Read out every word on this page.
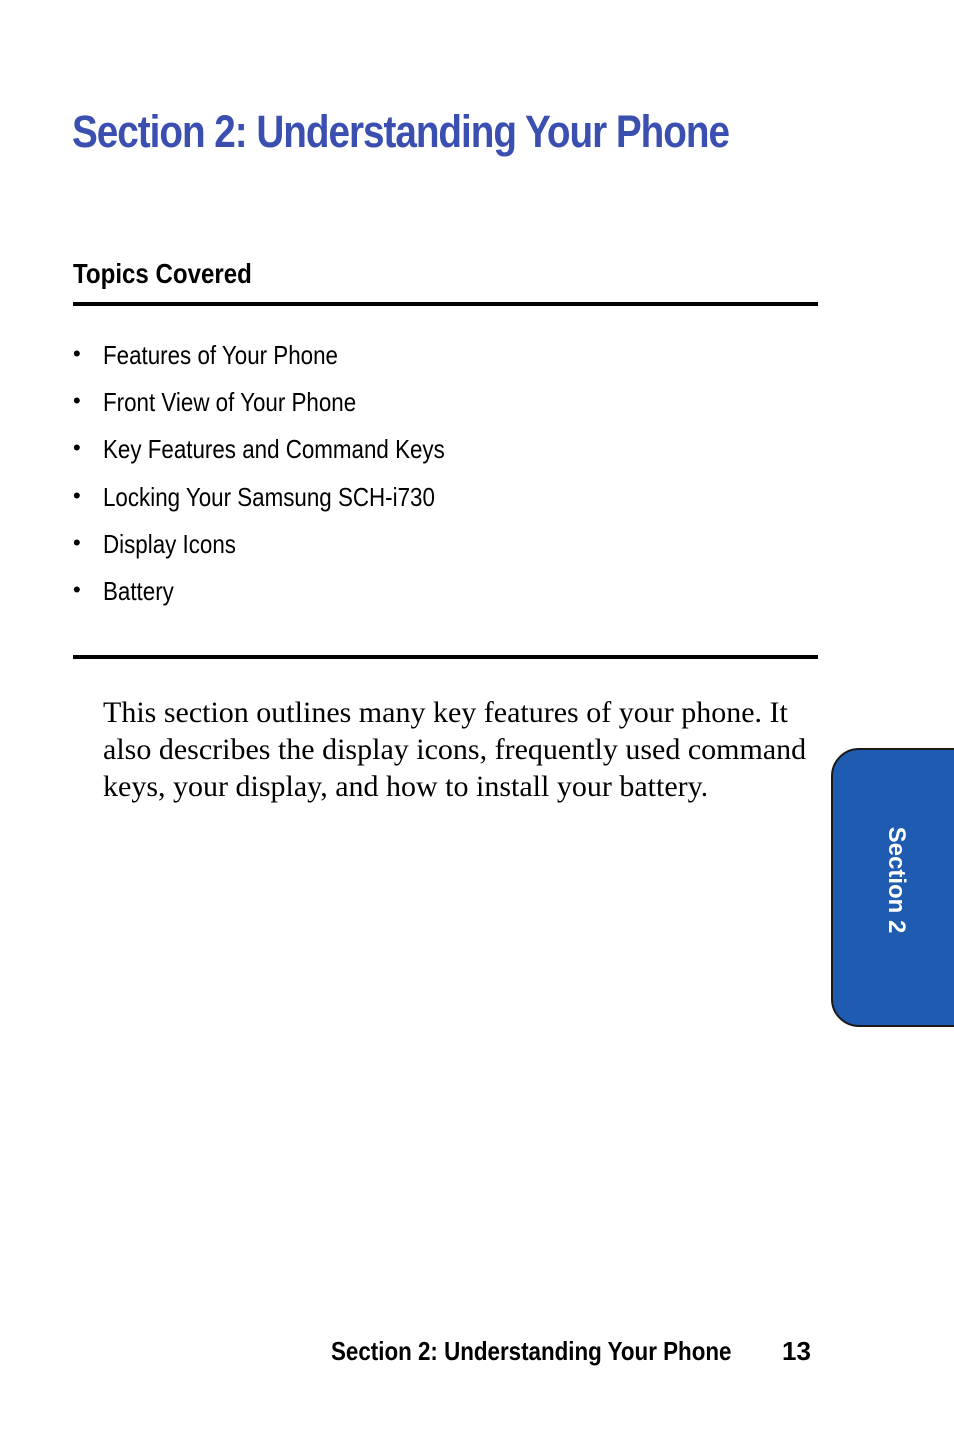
Section 2: Understanding Your Phone
Topics Covered
• Features of Your Phone
• Front View of Your Phone
• Key Features and Command Keys
• Locking Your Samsung SCH-i730
• Display Icons
• Battery

This section outlines many key features of your phone. It also describes the display icons, frequently used command keys, your display, and how to install your battery.

Section 2

Section 2: Understanding Your Phone 13
